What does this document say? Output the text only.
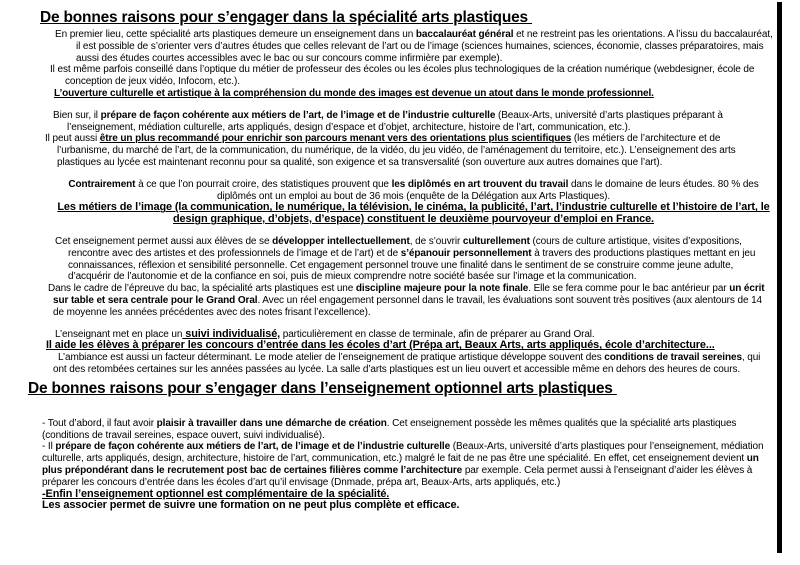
De bonnes raisons pour s’engager dans la spécialité arts plastiques
En premier lieu, cette spécialité arts plastiques demeure un enseignement dans un baccalauréat général et ne restreint pas les orientations. A l’issu du baccalauréat, il est possible de s’orienter vers d’autres études que celles relevant de l’art ou de l’image (sciences humaines, sciences, économie, classes préparatoires, mais aussi des études courtes accessibles avec le bac ou sur concours comme infirmière par exemple).
Il est même parfois conseillé dans l’optique du métier de professeur des écoles ou les écoles plus technologiques de la création numérique (webdesigner, école de conception de jeux vidéo, Infocom, etc.).
L’ouverture culturelle et artistique à la compréhension du monde des images est devenue un atout dans le monde professionnel.
Bien sur, il prépare de façon cohérente aux métiers de l’art, de l’image et de l’industrie culturelle (Beaux-Arts, université d’arts plastiques préparant à l’enseignement, médiation culturelle, arts appliqués, design d’espace et d’objet, architecture, histoire de l’art, communication, etc.).
Il peut aussi être un plus recommandé pour enrichir son parcours menant vers des orientations plus scientifiques (les métiers de l’architecture et de l’urbanisme, du marché de l’art, de la communication, du numérique, de la vidéo, du jeu vidéo, de l’aménagement du territoire, etc.). L’enseignement des arts plastiques au lycée est maintenant reconnu pour sa qualité, son exigence et sa transversalité (son ouverture aux autres domaines que l’art).
Contrairement à ce que l’on pourrait croire, des statistiques prouvent que les diplômés en art trouvent du travail dans le domaine de leurs études. 80 % des diplômés ont un emploi au bout de 36 mois (enquête de la Délégation aux Arts Plastiques).
Les métiers de l’image (la communication, le numérique, la télévision, le cinéma, la publicité, l’art, l’industrie culturelle et l’histoire de l’art, le design graphique, d’objets, d’espace) constituent le deuxième pourvoyeur d’emploi en France.
Cet enseignement permet aussi aux élèves de se développer intellectuellement, de s’ouvrir culturellement (cours de culture artistique, visites d’expositions, rencontre avec des artistes et des professionnels de l’image et de l’art) et de s’épanouir personnellement à travers des productions plastiques mettant en jeu connaissances, réflexion et sensibilité personnelle. Cet engagement personnel trouve une finalité dans le sentiment de se construire comme jeune adulte, d’acquérir de l’autonomie et de la confiance en soi, puis de mieux comprendre notre société basée sur l’image et la communication.
Dans le cadre de l’épreuve du bac, la spécialité arts plastiques est une discipline majeure pour la note finale. Elle se fera comme pour le bac antérieur par un écrit sur table et sera centrale pour le Grand Oral. Avec un réel engagement personnel dans le travail, les évaluations sont souvent très positives (aux alentours de 14 de moyenne les années précédentes avec des notes frisant l’excellence).
L’enseignant met en place un suivi individualisé, particulièrement en classe de terminale, afin de préparer au Grand Oral.
Il aide les élèves à préparer les concours d’entrée dans les écoles d’art (Prépa art, Beaux Arts, arts appliqués, école d’architecture...
L’ambiance est aussi un facteur déterminant. Le mode atelier de l’enseignement de pratique artistique développe souvent des conditions de travail sereines, qui ont des retombées certaines sur les années passées au lycée. La salle d’arts plastiques est un lieu ouvert et accessible même en dehors des heures de cours.
De bonnes raisons pour s’engager dans l’enseignement optionnel arts plastiques
- Tout d’abord, il faut avoir plaisir à travailler dans une démarche de création. Cet enseignement possède les mêmes qualités que la spécialité arts plastiques (conditions de travail sereines, espace ouvert, suivi individualisé).
- Il prépare de façon cohérente aux métiers de l’art, de l’image et de l’industrie culturelle (Beaux-Arts, université d’arts plastiques pour l’enseignement, médiation culturelle, arts appliqués, design, architecture, histoire de l’art, communication, etc.) malgré le fait de ne pas être une spécialité. En effet, cet enseignement devient un plus prépondérant dans le recrutement post bac de certaines filières comme l’architecture par exemple. Cela permet aussi à l’enseignant d’aider les élèves à préparer les concours d’entrée dans les écoles d’art qu’il envisage (Dnmade, prépa art, Beaux-Arts, arts appliqués, etc.)
-Enfin l’enseignement optionnel est complémentaire de la spécialité.
Les associer permet de suivre une formation on ne peut plus complète et efficace.
